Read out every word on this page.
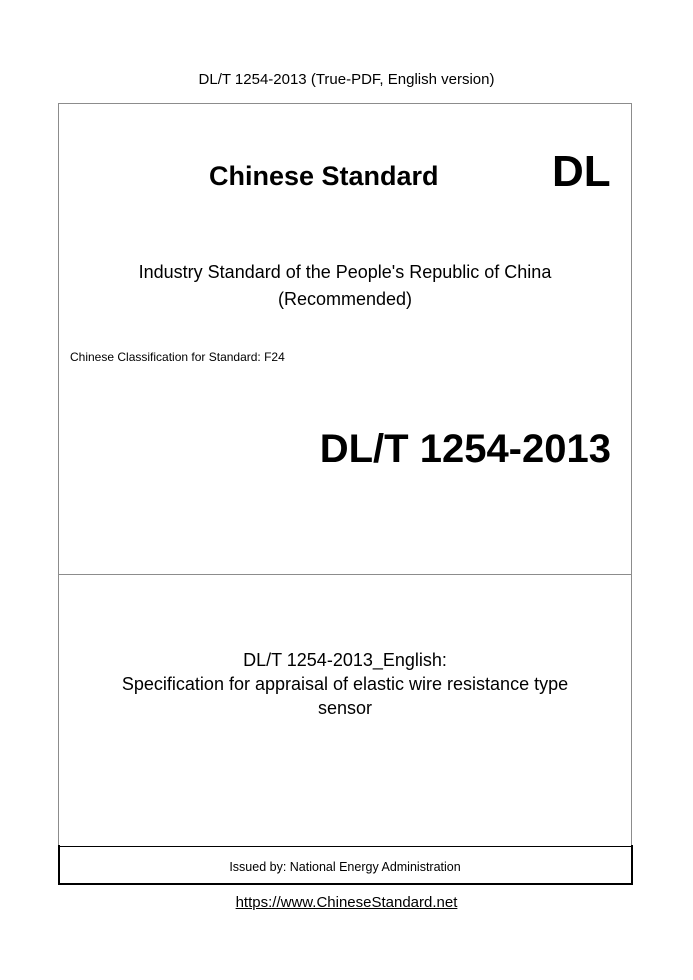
DL/T 1254-2013 (True-PDF, English version)
Chinese Standard	DL
Industry Standard of the People's Republic of China
(Recommended)
Chinese Classification for Standard: F24
DL/T 1254-2013
DL/T 1254-2013_English:
Specification for appraisal of elastic wire resistance type
sensor
Issued by: National Energy Administration
https://www.ChineseStandard.net
